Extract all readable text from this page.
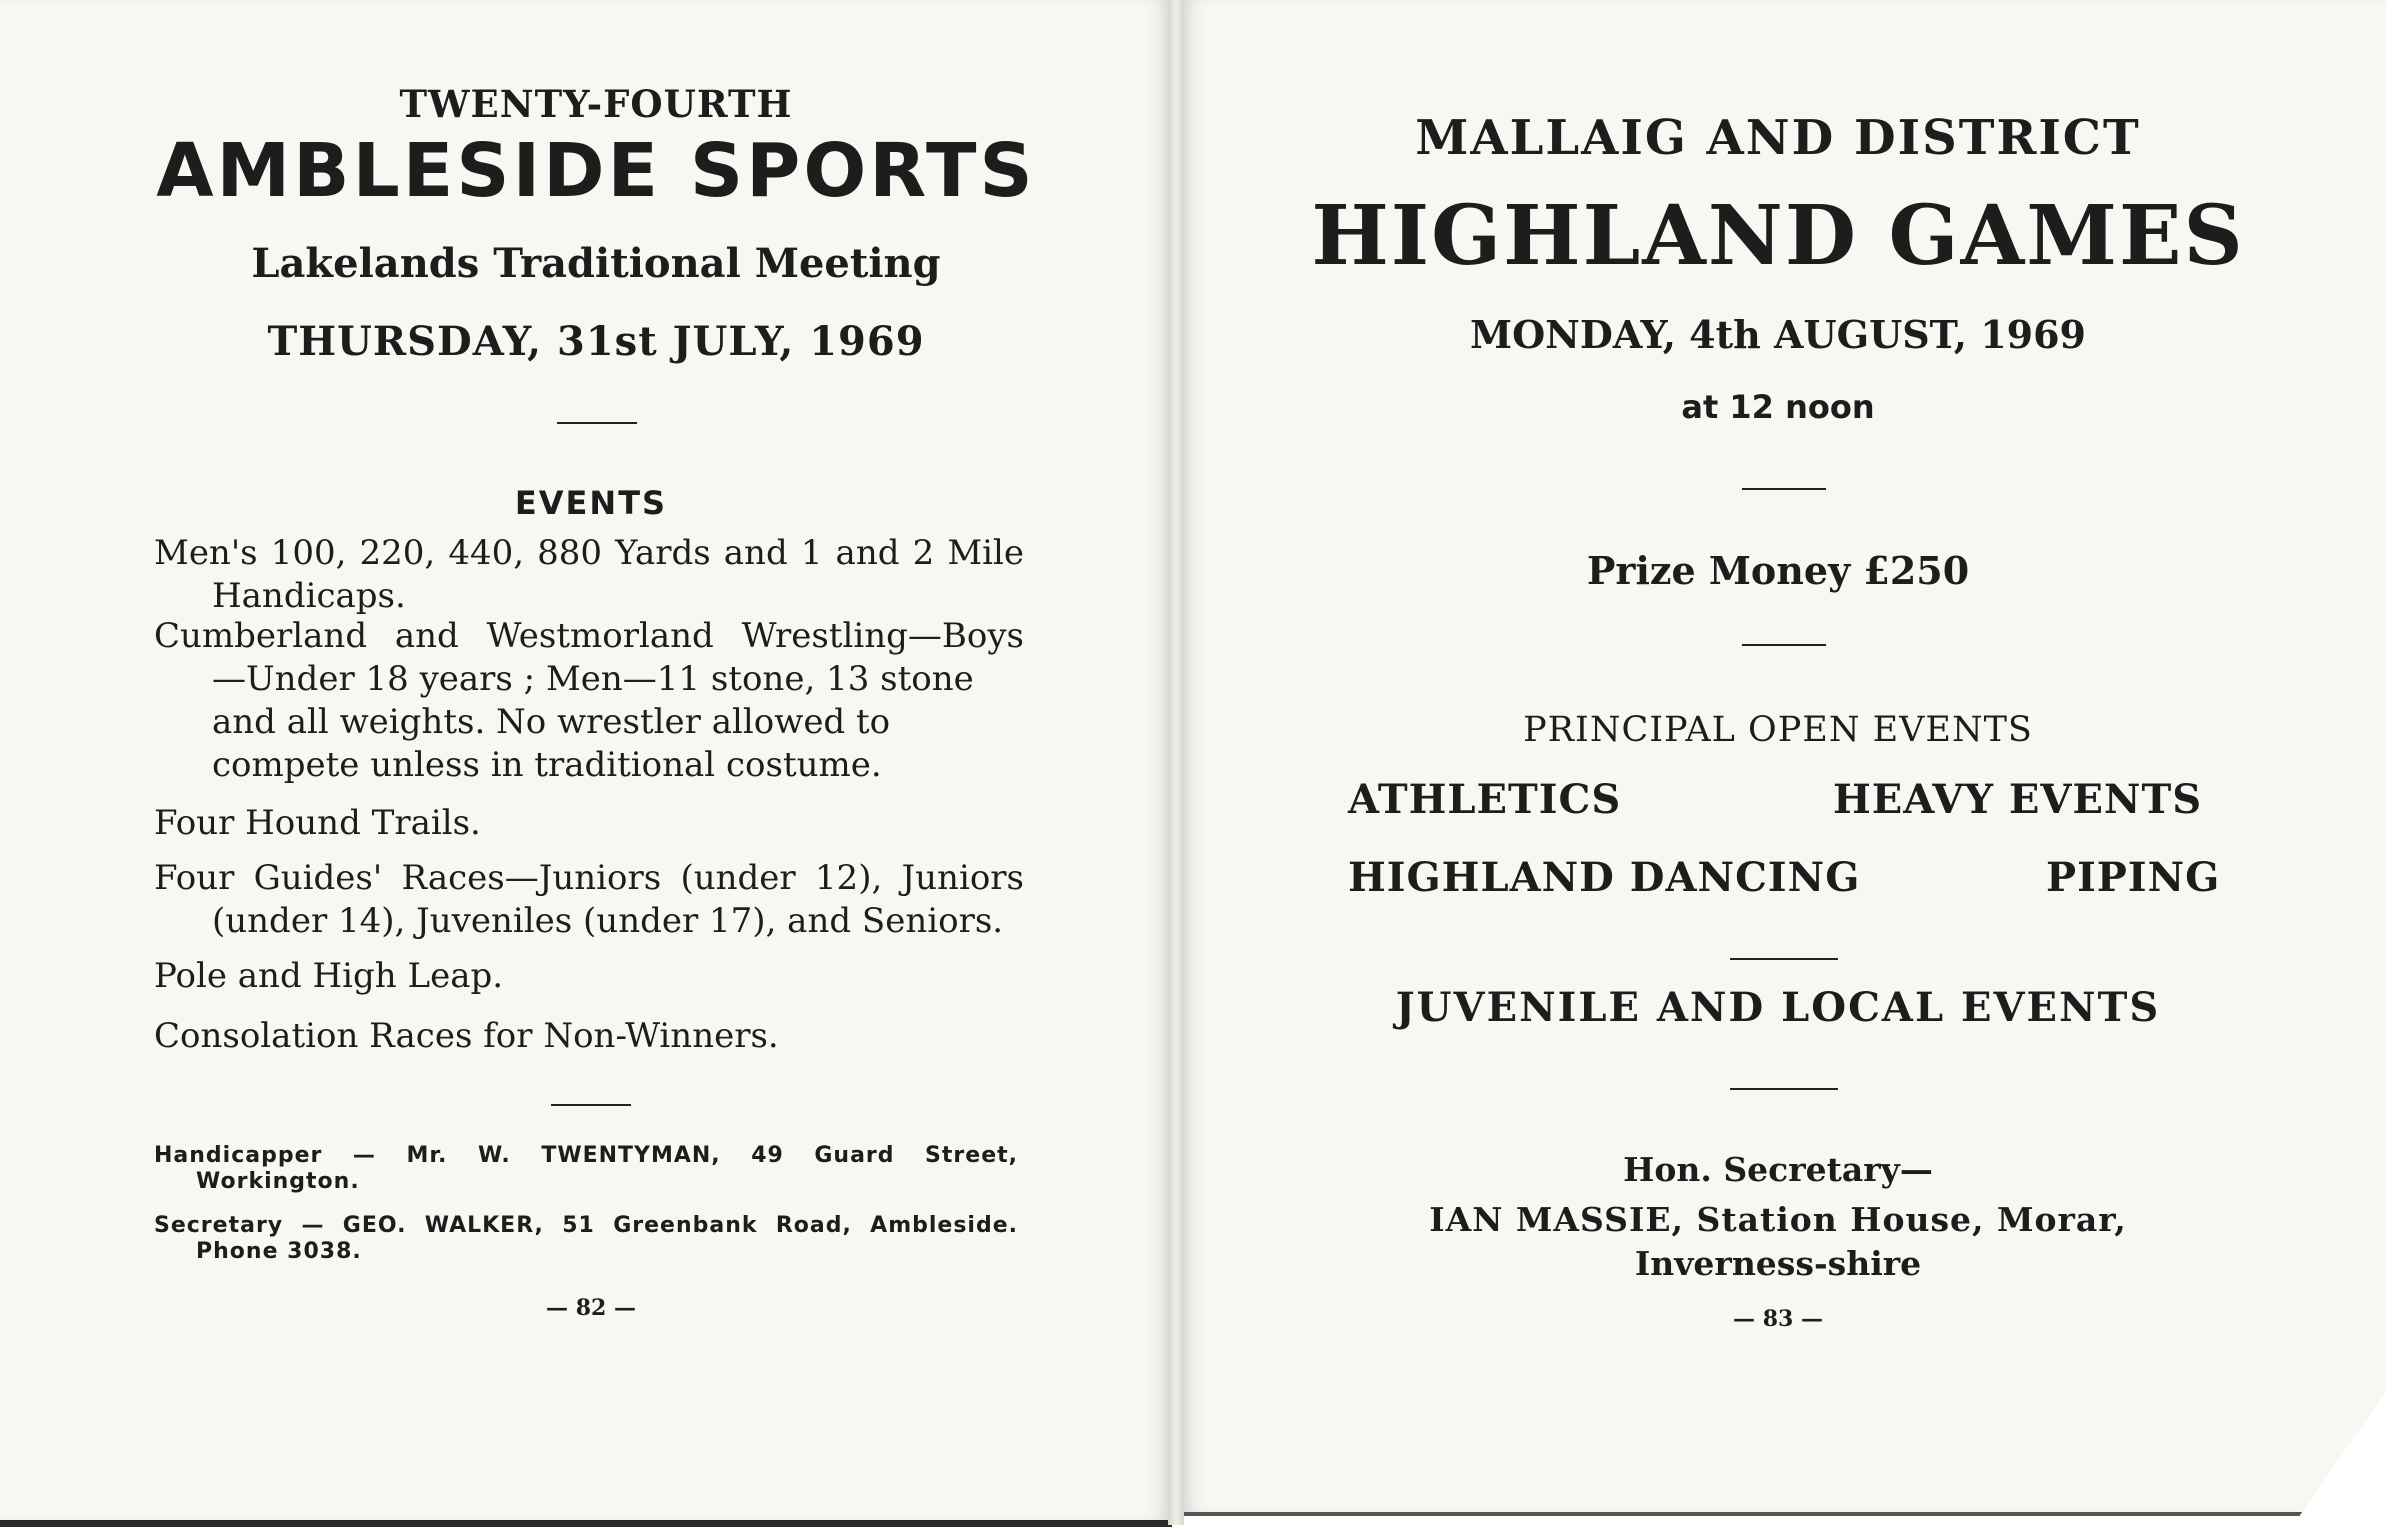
TWENTY-FOURTH
AMBLESIDE SPORTS
Lakelands Traditional Meeting
THURSDAY, 31st JULY, 1969
EVENTS
Men's 100, 220, 440, 880 Yards and 1 and 2 Mile
Handicaps.
Cumberland and Westmorland Wrestling—Boys
—Under 18 years ; Men—11 stone, 13 stone
and all weights. No wrestler allowed to
compete unless in traditional costume.
Four Hound Trails.
Four Guides' Races—Juniors (under 12), Juniors
(under 14), Juveniles (under 17), and Seniors.
Pole and High Leap.
Consolation Races for Non-Winners.
Handicapper — Mr. W. TWENTYMAN, 49 Guard Street,
Workington.
Secretary — GEO. WALKER, 51 Greenbank Road, Ambleside.
Phone 3038.
— 82 —
MALLAIG AND DISTRICT
HIGHLAND GAMES
MONDAY, 4th AUGUST, 1969
at 12 noon
Prize Money £250
PRINCIPAL OPEN EVENTS
ATHLETICS	HEAVY EVENTS
HIGHLAND DANCING	PIPING
JUVENILE AND LOCAL EVENTS
Hon. Secretary—
IAN MASSIE, Station House, Morar,
Inverness-shire
— 83 —
